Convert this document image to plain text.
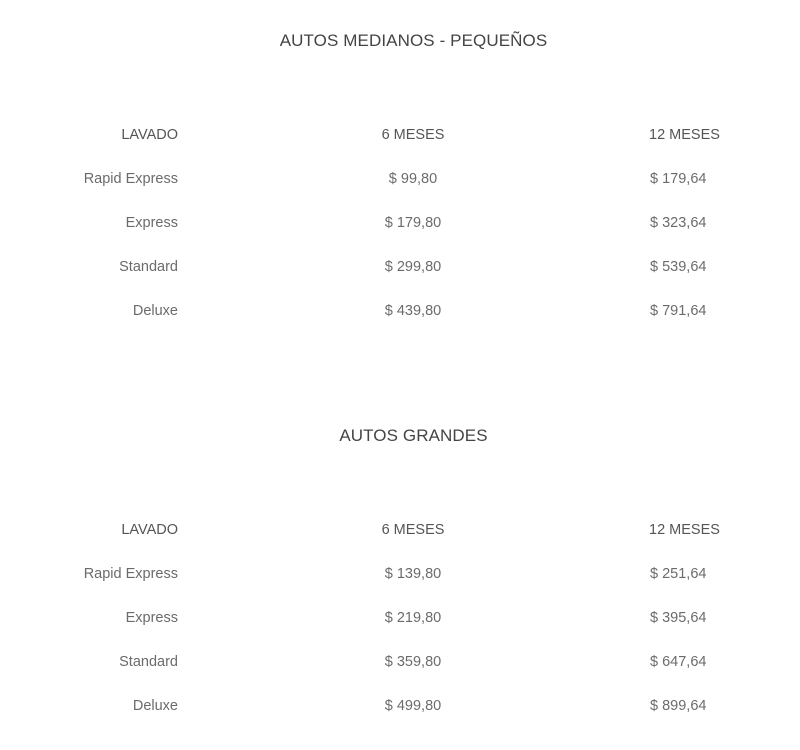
AUTOS MEDIANOS - PEQUEÑOS
LAVADO	6 MESES	12 MESES
Rapid Express	$ 99,80	$ 179,64
Express	$ 179,80	$ 323,64
Standard	$ 299,80	$ 539,64
Deluxe	$ 439,80	$ 791,64
AUTOS GRANDES
LAVADO	6 MESES	12 MESES
Rapid Express	$ 139,80	$ 251,64
Express	$ 219,80	$ 395,64
Standard	$ 359,80	$ 647,64
Deluxe	$ 499,80	$ 899,64
